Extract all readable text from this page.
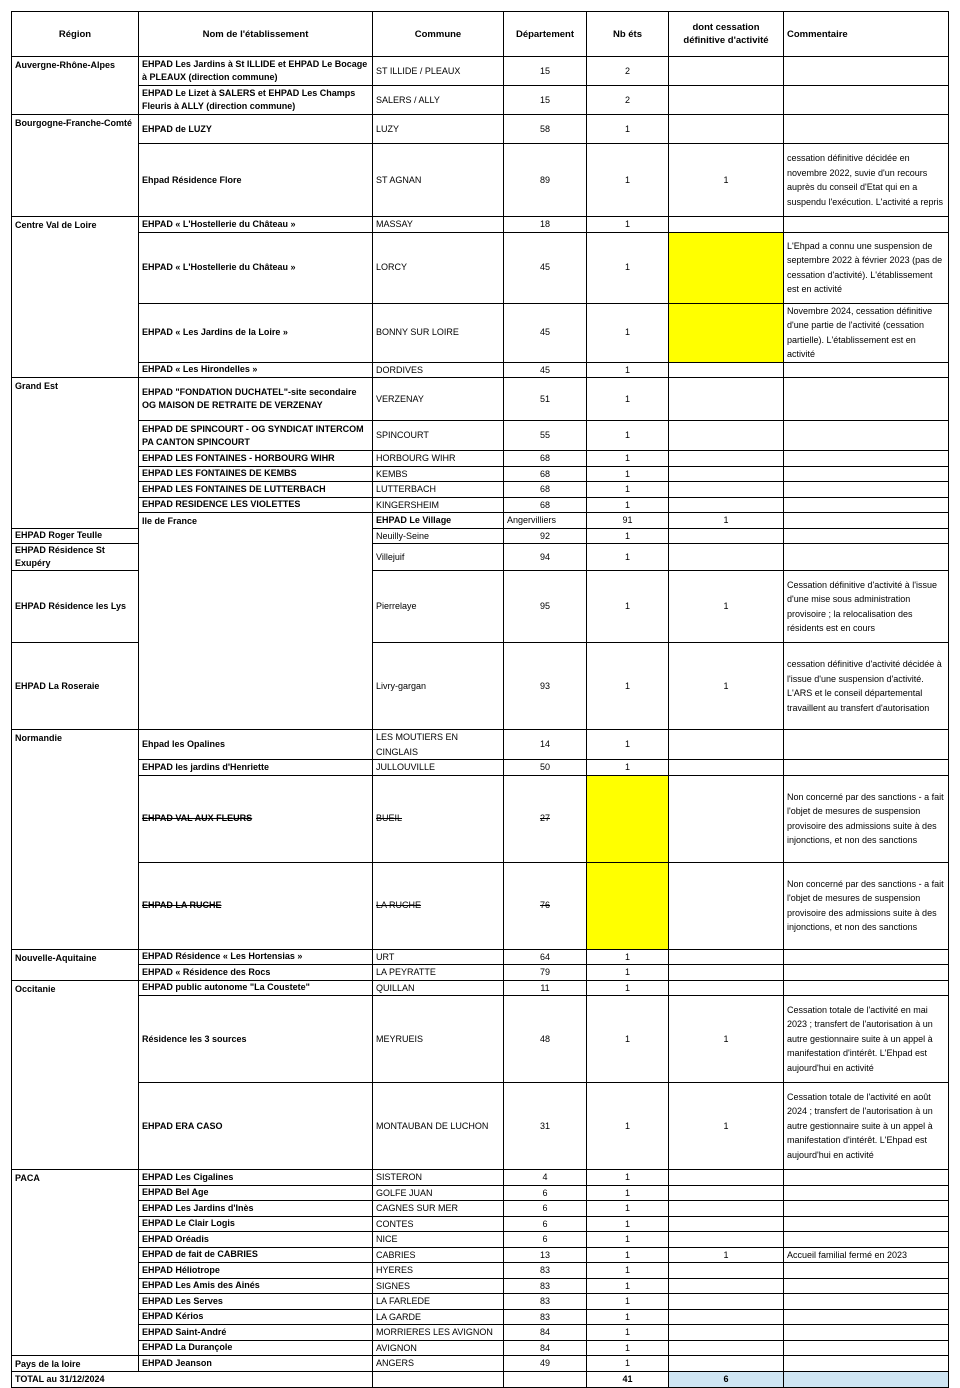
Région	Nom de l'établissement	Commune	Département	Nb éts	dont cessation définitive d'activité	Commentaire	
Auvergne-Rhône-Alpes	EHPAD Les Jardins à St ILLIDE et EHPAD Le Bocage à PLEAUX (direction commune)	ST ILLIDE / PLEAUX	15	2			
	EHPAD Le Lizet à SALERS et EHPAD Les Champs Fleuris à ALLY (direction commune)	SALERS / ALLY	15	2			
Bourgogne-Franche-Comté	EHPAD de LUZY	LUZY	58	1			
	Ehpad Résidence Flore	ST AGNAN	89	1	1	cessation définitive décidée en novembre 2022, suvie d'un recours auprès du conseil d'Etat qui en a suspendu l'exécution. L'activité a repris	
Centre Val de Loire	EHPAD « L'Hostellerie du Château »	MASSAY	18	1			
	EHPAD « L'Hostellerie du Château »	LORCY	45	1		L'Ehpad a connu une suspension de septembre 2022 à février 2023 (pas de cessation d'activité). L'établissement est en activité	
	EHPAD « Les Jardins de la Loire »	BONNY SUR LOIRE	45	1		Novembre 2024, cessation définitive d'une partie de l'activité (cessation partielle). L'établissement est en activité	
	EHPAD « Les Hirondelles »	DORDIVES	45	1			
Grand Est	EHPAD "FONDATION DUCHATEL"-site secondaire OG MAISON DE RETRAITE DE VERZENAY	VERZENAY	51	1			
	EHPAD DE SPINCOURT - OG SYNDICAT INTERCOM PA CANTON SPINCOURT	SPINCOURT	55	1			
	EHPAD LES FONTAINES - HORBOURG WIHR	HORBOURG WIHR	68	1			
	EHPAD LES FONTAINES DE KEMBS	KEMBS	68	1			
	EHPAD LES FONTAINES DE LUTTERBACH	LUTTERBACH	68	1			
	EHPAD RESIDENCE LES VIOLETTES	KINGERSHEIM	68	1			
	Ile de France	EHPAD Le Village	Angervilliers	91	1		
EHPAD Roger Teulle		Neuilly-Seine	92	1			
EHPAD Résidence St Exupéry		Villejuif	94	1			
EHPAD Résidence les Lys		Pierrelaye	95	1	1	Cessation définitive d'activité à l'issue d'une mise sous administration provisoire ; la relocalisation des résidents est en cours	
EHPAD La Roseraie		Livry-gargan	93	1	1	cessation définitive d'activité décidée à l'issue d'une suspension d'activité. L'ARS et le conseil départemental travaillent au transfert d'autorisation	
Normandie	Ehpad les Opalines	LES MOUTIERS EN CINGLAIS	14	1			
	EHPAD les jardins d'Henriette	JULLOUVILLE	50	1			
	EHPAD VAL AUX FLEURS	BUEIL	27			Non concerné par des sanctions - a fait l'objet de mesures de suspension provisoire des admissions suite à des injonctions, et non des sanctions	
	EHPAD LA RUCHE	LA RUCHE	76			Non concerné par des sanctions - a fait l'objet de mesures de suspension provisoire des admissions suite à des injonctions, et non des sanctions	
Nouvelle-Aquitaine	EHPAD Résidence « Les Hortensias »	URT	64	1			
	EHPAD « Résidence des Rocs	LA PEYRATTE	79	1			
Occitanie	EHPAD public autonome "La Coustete"	QUILLAN	11	1			
	Résidence les 3 sources	MEYRUEIS	48	1	1	Cessation totale de l'activité en mai 2023 ; transfert de l'autorisation à un autre gestionnaire suite à un appel à manifestation d'intérêt. L'Ehpad est aujourd'hui en activité	
	EHPAD ERA CASO	MONTAUBAN DE LUCHON	31	1	1	Cessation totale de l'activité en août 2024 ; transfert de l'autorisation à un autre gestionnaire suite à un appel à manifestation d'intérêt. L'Ehpad est aujourd'hui en activité	
PACA	EHPAD Les Cigalines	SISTERON	4	1			
	EHPAD Bel Age	GOLFE JUAN	6	1			
	EHPAD Les Jardins d'Inès	CAGNES SUR MER	6	1			
	EHPAD Le Clair Logis	CONTES	6	1			
	EHPAD Oréadis	NICE	6	1			
	EHPAD de fait de CABRIES	CABRIES	13	1	1	Accueil familial fermé en 2023	
	EHPAD Héliotrope	HYERES	83	1			
	EHPAD Les Amis des Ainés	SIGNES	83	1			
	EHPAD Les Serves	LA FARLEDE	83	1			
	EHPAD Kérios	LA GARDE	83	1			
	EHPAD Saint-André	MORRIERES LES AVIGNON	84	1			
	EHPAD La Durançole	AVIGNON	84	1			
Pays de la loire	EHPAD Jeanson	ANGERS	49	1			
TOTAL au 31/12/2024				41	6		
